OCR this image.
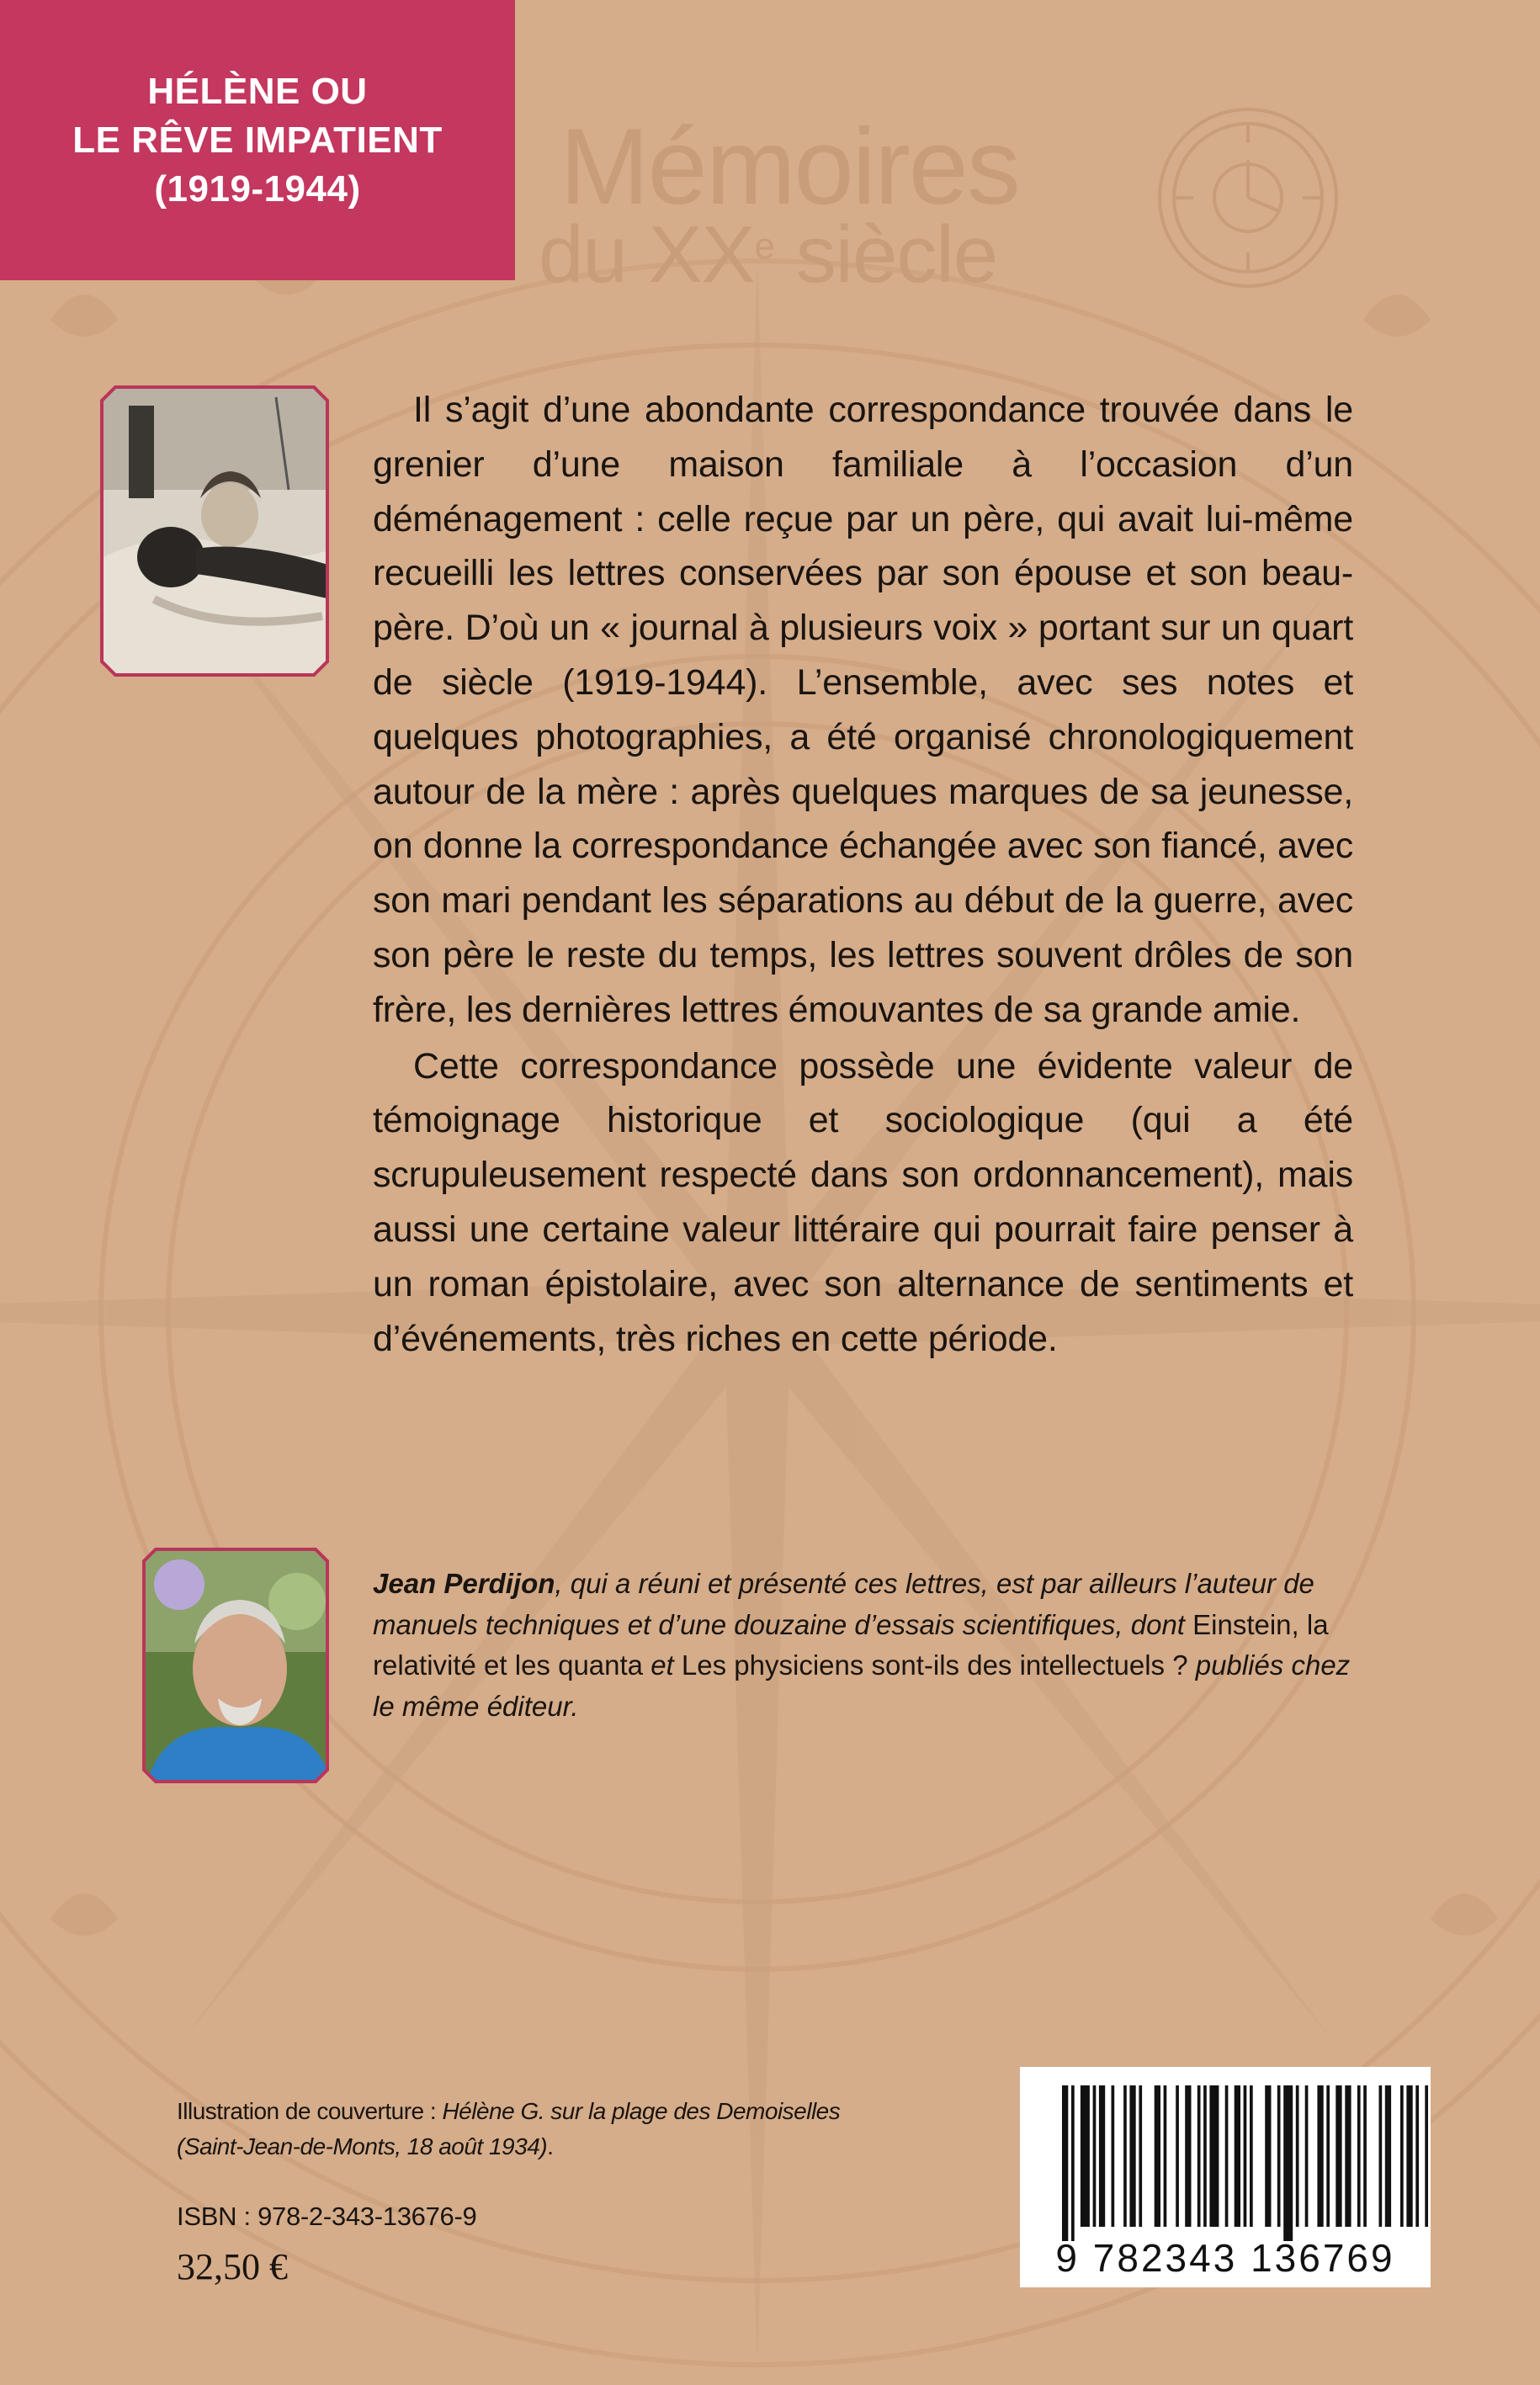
HÉLÈNE OU
LE RÊVE IMPATIENT
(1919-1944) Mémoires
du XXe siècle

Il s’agit d’une abondante correspondance trouvée dans le grenier d’une maison familiale à l’occasion d’un déménagement : celle reçue par un père, qui avait lui-même recueilli les lettres conservées par son épouse et son beau-père. D’où un « journal à plusieurs voix » portant sur un quart de siècle (1919-1944). L’ensemble, avec ses notes et quelques photographies, a été organisé chronologiquement autour de la mère : après quelques marques de sa jeunesse, on donne la correspondance échangée avec son fiancé, avec son mari pendant les séparations au début de la guerre, avec son père le reste du temps, les lettres souvent drôles de son frère, les dernières lettres émouvantes de sa grande amie.

Cette correspondance possède une évidente valeur de témoignage historique et sociologique (qui a été scrupuleusement respecté dans son ordonnancement), mais aussi une certaine valeur littéraire qui pourrait faire penser à un roman épistolaire, avec son alternance de sentiments et d’événements, très riches en cette période.

Jean Perdijon, qui a réuni et présenté ces lettres, est par ailleurs l’auteur de manuels techniques et d’une douzaine d’essais scientifiques, dont Einstein, la relativité et les quanta et Les physiciens sont-ils des intellectuels ? publiés chez le même éditeur.
Illustration de couverture : Hélène G. sur la plage des Demoiselles
(Saint-Jean-de-Monts, 18 août 1934).
ISBN : 978-2-343-13676-9
32,50 €	9 782343 136769
